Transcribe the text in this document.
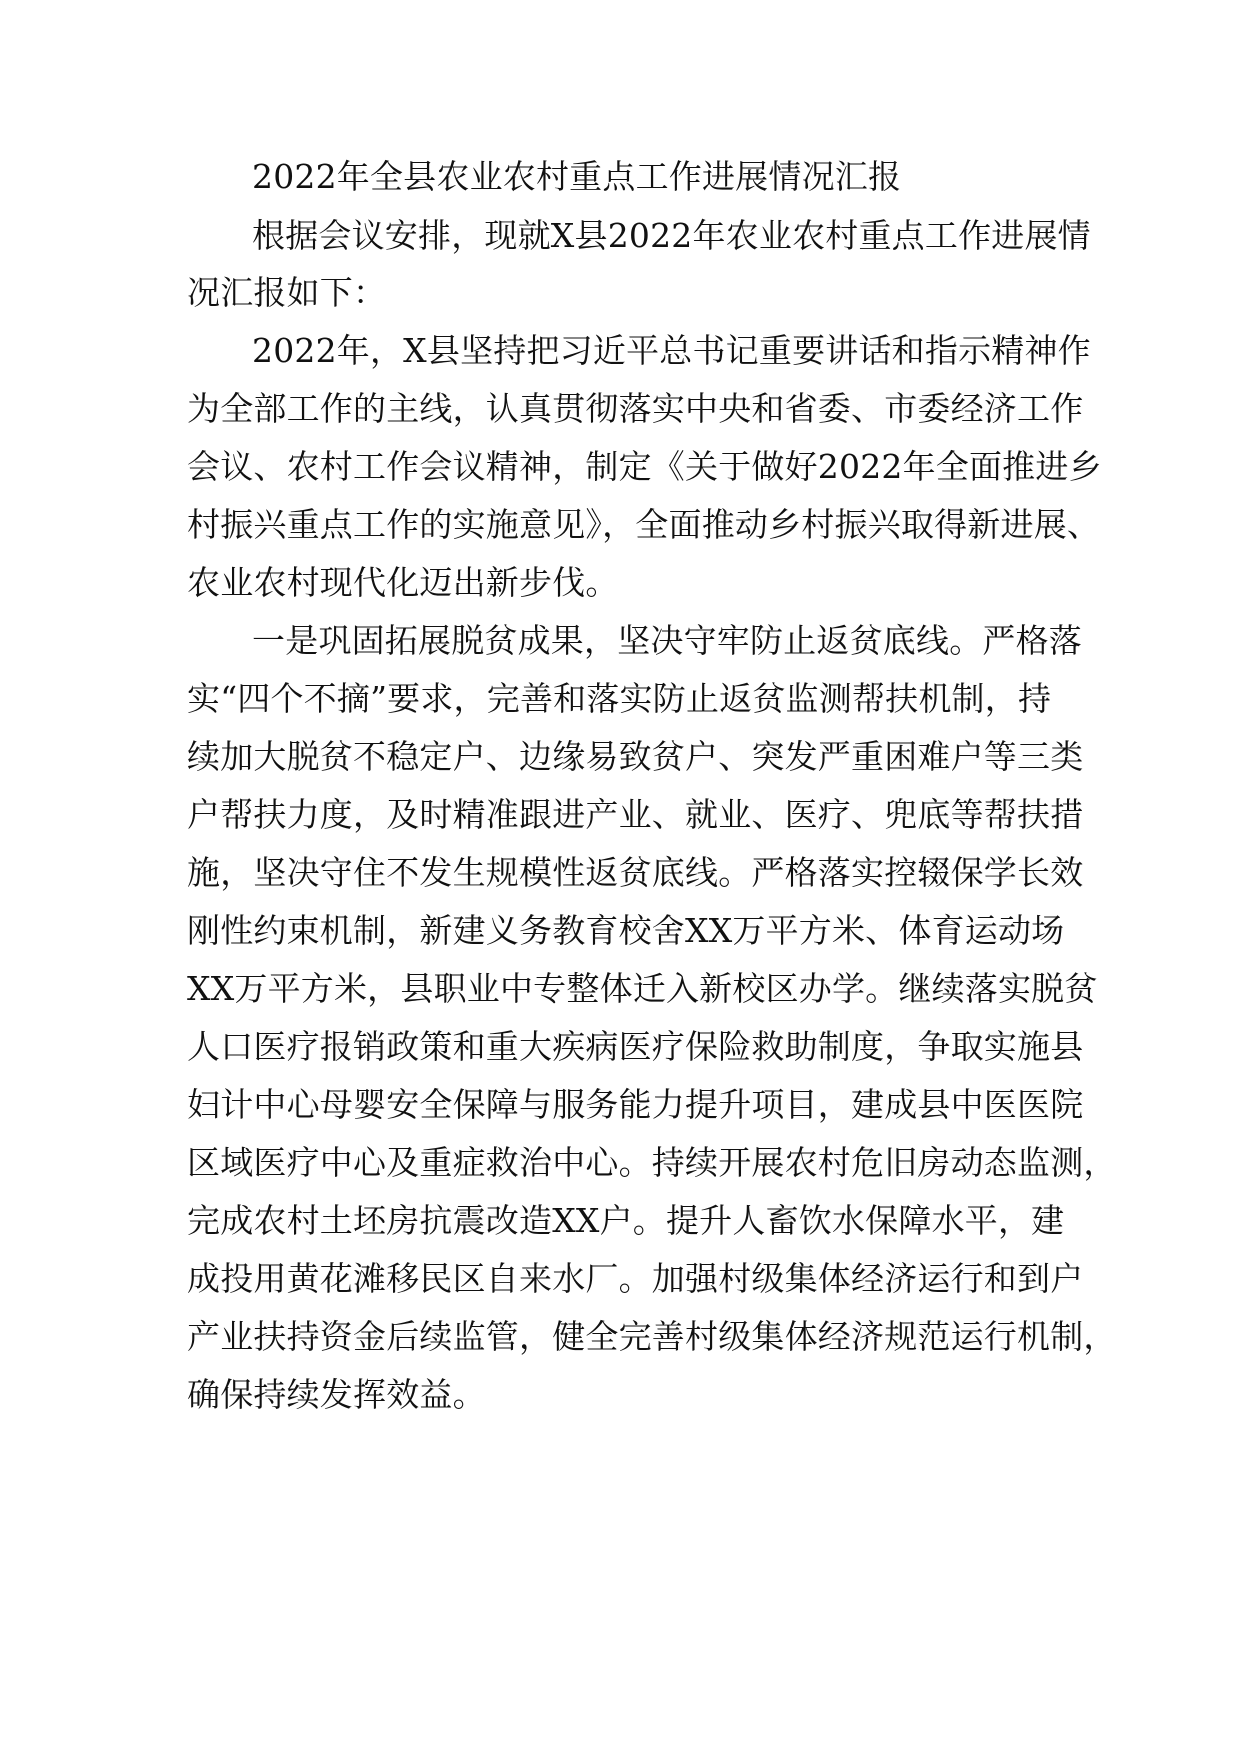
2022年全县农业农村重点工作进展情况汇报
根据会议安排，现就X县2022年农业农村重点工作进展情
况汇报如下：
2022年，X县坚持把习近平总书记重要讲话和指示精神作
为全部工作的主线，认真贯彻落实中央和省委、市委经济工作
会议、农村工作会议精神，制定《关于做好2022年全面推进乡
村振兴重点工作的实施意见》，全面推动乡村振兴取得新进展、
农业农村现代化迈出新步伐。
一是巩固拓展脱贫成果，坚决守牢防止返贫底线。严格落
实“四个不摘”要求，完善和落实防止返贫监测帮扶机制，持
续加大脱贫不稳定户、边缘易致贫户、突发严重困难户等三类
户帮扶力度，及时精准跟进产业、就业、医疗、兜底等帮扶措
施，坚决守住不发生规模性返贫底线。严格落实控辍保学长效
刚性约束机制，新建义务教育校舍XX万平方米、体育运动场
XX万平方米，县职业中专整体迁入新校区办学。继续落实脱贫
人口医疗报销政策和重大疾病医疗保险救助制度，争取实施县
妇计中心母婴安全保障与服务能力提升项目，建成县中医医院
区域医疗中心及重症救治中心。持续开展农村危旧房动态监测，
完成农村土坯房抗震改造XX户。提升人畜饮水保障水平，建
成投用黄花滩移民区自来水厂。加强村级集体经济运行和到户
产业扶持资金后续监管，健全完善村级集体经济规范运行机制，
确保持续发挥效益。
